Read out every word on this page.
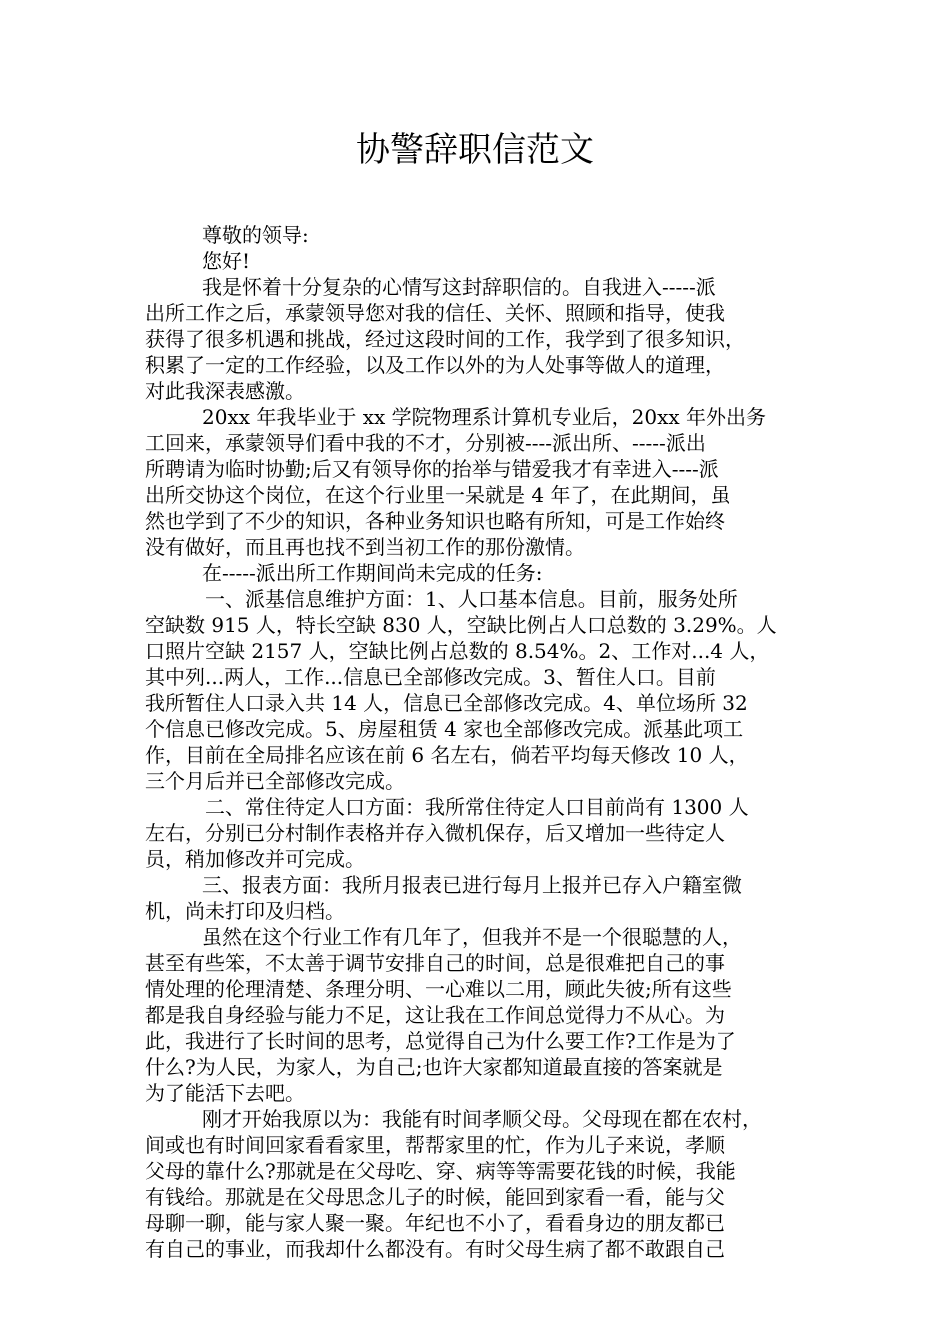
协警辞职信范文
尊敬的领导:
您好!
我是怀着十分复杂的心情写这封辞职信的。自我进入-----派
出所工作之后，承蒙领导您对我的信任、关怀、照顾和指导，使我
获得了很多机遇和挑战，经过这段时间的工作，我学到了很多知识，
积累了一定的工作经验，以及工作以外的为人处事等做人的道理，
对此我深表感激。
20xx 年我毕业于 xx 学院物理系计算机专业后，20xx 年外出务
工回来，承蒙领导们看中我的不才，分别被----派出所、-----派出
所聘请为临时协勤;后又有领导你的抬举与错爱我才有幸进入----派
出所交协这个岗位，在这个行业里一呆就是 4 年了，在此期间，虽
然也学到了不少的知识，各种业务知识也略有所知，可是工作始终
没有做好，而且再也找不到当初工作的那份激情。
在-----派出所工作期间尚未完成的任务:
一、派基信息维护方面：1、人口基本信息。目前，服务处所
空缺数 915 人，特长空缺 830 人，空缺比例占人口总数的 3.29%。人
口照片空缺 2157 人，空缺比例占总数的 8.54%。2、工作对...4 人，
其中列...两人，工作...信息已全部修改完成。3、暂住人口。目前
我所暂住人口录入共 14 人，信息已全部修改完成。4、单位场所 32
个信息已修改完成。5、房屋租赁 4 家也全部修改完成。派基此项工
作，目前在全局排名应该在前 6 名左右，倘若平均每天修改 10 人，
三个月后并已全部修改完成。
二、常住待定人口方面：我所常住待定人口目前尚有 1300 人
左右，分别已分村制作表格并存入微机保存，后又增加一些待定人
员，稍加修改并可完成。
三、报表方面：我所月报表已进行每月上报并已存入户籍室微
机，尚未打印及归档。
虽然在这个行业工作有几年了，但我并不是一个很聪慧的人，
甚至有些笨，不太善于调节安排自己的时间，总是很难把自己的事
情处理的伦理清楚、条理分明、一心难以二用，顾此失彼;所有这些
都是我自身经验与能力不足，这让我在工作间总觉得力不从心。为
此，我进行了长时间的思考，总觉得自己为什么要工作?工作是为了
什么?为人民，为家人，为自己;也许大家都知道最直接的答案就是
为了能活下去吧。
刚才开始我原以为：我能有时间孝顺父母。父母现在都在农村，
间或也有时间回家看看家里，帮帮家里的忙，作为儿子来说，孝顺
父母的靠什么?那就是在父母吃、穿、病等等需要花钱的时候，我能
有钱给。那就是在父母思念儿子的时候，能回到家看一看，能与父
母聊一聊，能与家人聚一聚。年纪也不小了，看看身边的朋友都已
有自己的事业，而我却什么都没有。有时父母生病了都不敢跟自己
